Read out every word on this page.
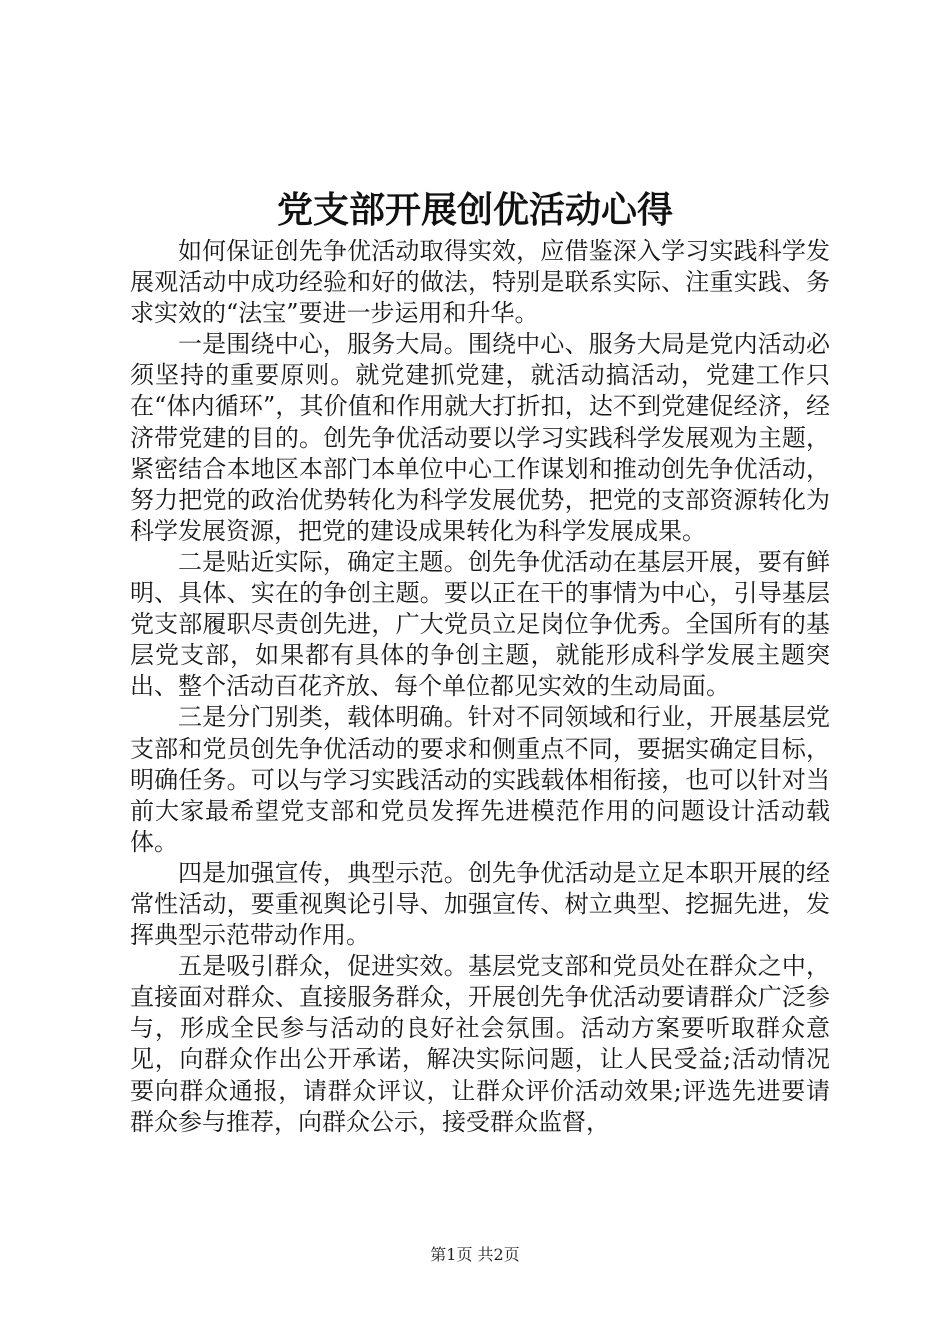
党支部开展创优活动心得

如何保证创先争优活动取得实效，应借鉴深入学习实践科学发展观活动中成功经验和好的做法，特别是联系实际、注重实践、务求实效的“法宝”要进一步运用和升华。

一是围绕中心，服务大局。围绕中心、服务大局是党内活动必须坚持的重要原则。就党建抓党建，就活动搞活动，党建工作只在“体内循环”，其价值和作用就大打折扣，达不到党建促经济，经济带党建的目的。创先争优活动要以学习实践科学发展观为主题，紧密结合本地区本部门本单位中心工作谋划和推动创先争优活动，努力把党的政治优势转化为科学发展优势，把党的支部资源转化为科学发展资源，把党的建设成果转化为科学发展成果。

二是贴近实际，确定主题。创先争优活动在基层开展，要有鲜明、具体、实在的争创主题。要以正在干的事情为中心，引导基层党支部履职尽责创先进，广大党员立足岗位争优秀。全国所有的基层党支部，如果都有具体的争创主题，就能形成科学发展主题突出、整个活动百花齐放、每个单位都见实效的生动局面。

三是分门别类，载体明确。针对不同领域和行业，开展基层党支部和党员创先争优活动的要求和侧重点不同，要据实确定目标，明确任务。可以与学习实践活动的实践载体相衔接，也可以针对当前大家最希望党支部和党员发挥先进模范作用的问题设计活动载体。

四是加强宣传，典型示范。创先争优活动是立足本职开展的经常性活动，要重视舆论引导、加强宣传、树立典型、挖掘先进，发挥典型示范带动作用。

五是吸引群众，促进实效。基层党支部和党员处在群众之中，直接面对群众、直接服务群众，开展创先争优活动要请群众广泛参与，形成全民参与活动的良好社会氛围。活动方案要听取群众意见，向群众作出公开承诺，解决实际问题，让人民受益;活动情况要向群众通报，请群众评议，让群众评价活动效果;评选先进要请群众参与推荐，向群众公示，接受群众监督，

第1页 共2页
